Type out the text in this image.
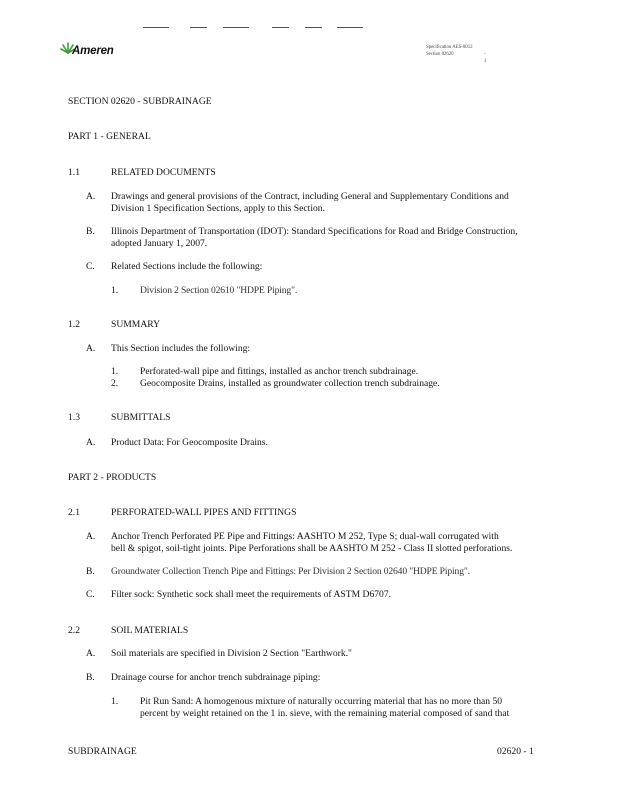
Ameren	Specification AES-0012
Section 02620	- 1
SECTION 02620 - SUBDRAINAGE
PART 1 - GENERAL
1.1	RELATED DOCUMENTS
A. Drawings and general provisions of the Contract, including General and Supplementary Conditions and
Division 1 Specification Sections, apply to this Section.
B. Illinois Department of Transportation (IDOT): Standard Specifications for Road and Bridge Construction,
adopted January 1, 2007.
C. Related Sections include the following:
1. Division 2 Section 02610 "HDPE Piping".
1.2	SUMMARY
A. This Section includes the following:
1. Perforated-wall pipe and fittings, installed as anchor trench subdrainage.
2. Geocomposite Drains, installed as groundwater collection trench subdrainage.
1.3	SUBMITTALS
A. Product Data: For Geocomposite Drains.
PART 2 - PRODUCTS
2.1	PERFORATED-WALL PIPES AND FITTINGS
A. Anchor Trench Perforated PE Pipe and Fittings: AASHTO M 252, Type S; dual-wall corrugated with
bell & spigot, soil-tight joints. Pipe Perforations shall be AASHTO M 252 - Class II slotted perforations.
B. Groundwater Collection Trench Pipe and Fittings: Per Division 2 Section 02640 "HDPE Piping".
C. Filter sock: Synthetic sock shall meet the requirements of ASTM D6707.
2.2	SOIL MATERIALS
A. Soil materials are specified in Division 2 Section "Earthwork."
B. Drainage course for anchor trench subdrainage piping:
1. Pit Run Sand: A homogenous mixture of naturally occurring material that has no more than 50
percent by weight retained on the 1 in. sieve, with the remaining material composed of sand that
SUBDRAINAGE	02620 - 1
